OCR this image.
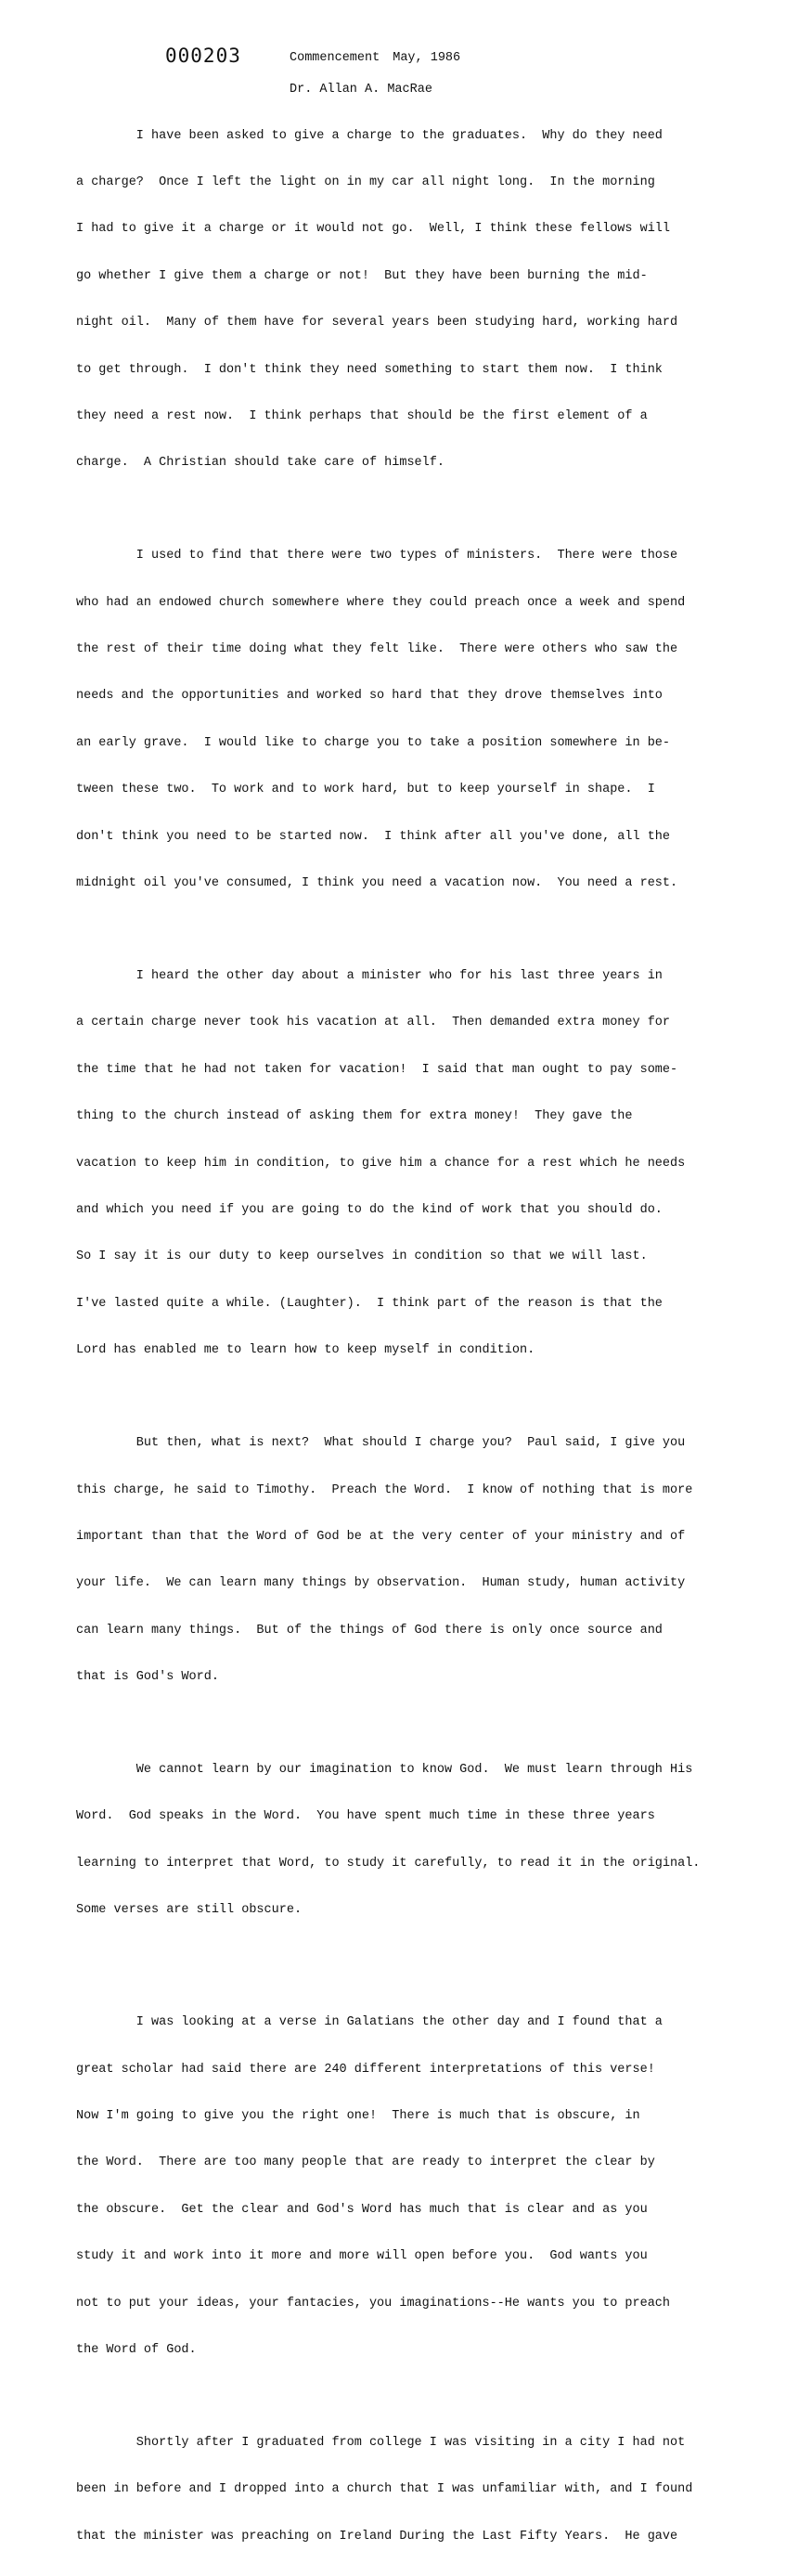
000203	Commencement May, 1986
Dr. Allan A. MacRae

I have been asked to give a charge to the graduates.  Why do they need

a charge?  Once I left the light on in my car all night long.  In the morning

I had to give it a charge or it would not go.  Well, I think these fellows will

go whether I give them a charge or not!  But they have been burning the mid-

night oil.  Many of them have for several years been studying hard, working hard

to get through.  I don't think they need something to start them now.  I think

they need a rest now.  I think perhaps that should be the first element of a

charge.  A Christian should take care of himself.

I used to find that there were two types of ministers.  There were those

who had an endowed church somewhere where they could preach once a week and spend

the rest of their time doing what they felt like.  There were others who saw the

needs and the opportunities and worked so hard that they drove themselves into

an early grave.  I would like to charge you to take a position somewhere in be-

tween these two.  To work and to work hard, but to keep yourself in shape.  I

don't think you need to be started now.  I think after all you've done, all the

midnight oil you've consumed, I think you need a vacation now.  You need a rest.

I heard the other day about a minister who for his last three years in

a certain charge never took his vacation at all.  Then demanded extra money for

the time that he had not taken for vacation!  I said that man ought to pay some-

thing to the church instead of asking them for extra money!  They gave the

vacation to keep him in condition, to give him a chance for a rest which he needs

and which you need if you are going to do the kind of work that you should do.

So I say it is our duty to keep ourselves in condition so that we will last.

I've lasted quite a while. (Laughter).  I think part of the reason is that the

Lord has enabled me to learn how to keep myself in condition.

But then, what is next?  What should I charge you?  Paul said, I give you

this charge, he said to Timothy.  Preach the Word.  I know of nothing that is more

important than that the Word of God be at the very center of your ministry and of

your life.  We can learn many things by observation.  Human study, human activity

can learn many things.  But of the things of God there is only once source and

that is God's Word.

We cannot learn by our imagination to know God.  We must learn through His

Word.  God speaks in the Word.  You have spent much time in these three years

learning to interpret that Word, to study it carefully, to read it in the original.

Some verses are still obscure.

I was looking at a verse in Galatians the other day and I found that a

great scholar had said there are 240 different interpretations of this verse!

Now I'm going to give you the right one!  There is much that is obscure, in

the Word.  There are too many people that are ready to interpret the clear by

the obscure.  Get the clear and God's Word has much that is clear and as you

study it and work into it more and more will open before you.  God wants you

not to put your ideas, your fantacies, you imaginations--He wants you to preach

the Word of God.

Shortly after I graduated from college I was visiting in a city I had not

been in before and I dropped into a church that I was unfamiliar with, and I found

that the minister was preaching on Ireland During the Last Fifty Years.  He gave
